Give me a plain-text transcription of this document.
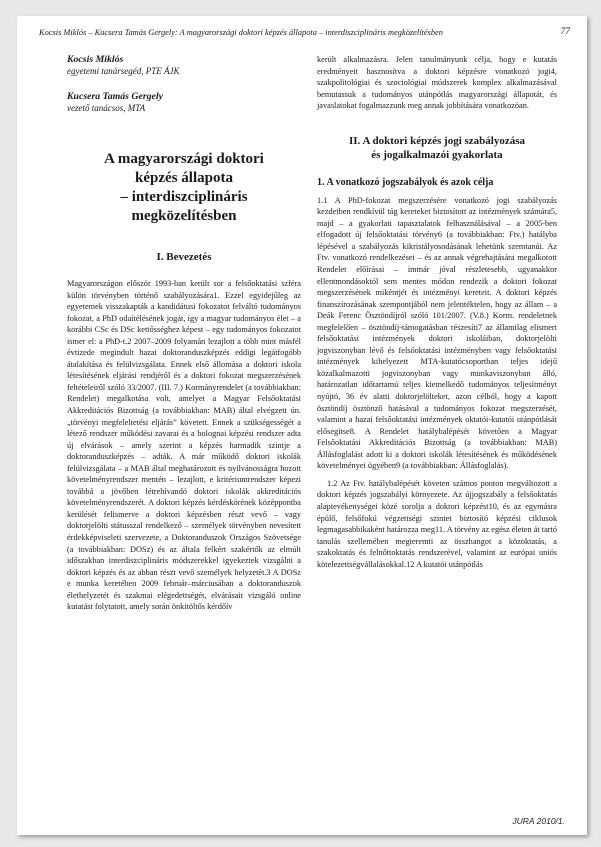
Kocsis Miklós – Kucsera Tamás Gergely: A magyarországi doktori képzés állapota – interdiszciplináris megközelítésben	77
Kocsis Miklós
egyetemi tanársegéd, PTE ÁJK
Kucsera Tamás Gergely
vezető tanácsos, MTA
A magyarországi doktori
képzés állapota
– interdiszciplináris
megközelítésben
I. Bevezetés

Magyarországon először 1993-ban került sor a felsőoktatási szféra külön törvényben történő szabályozására1. Ezzel egyidejűleg az egyetemek visszakapták a kandidátusi fokozatot felváltó tudományos fokozat, a PhD odaítélésének jogát, így a magyar tudományos élet – a korábbi CSc és DSc kettősséghez képest – egy tudományos fokozatot ismer el: a PhD-t.2 2007–2009 folyamán lezajlott a több mint másfél évtizede megindult hazai doktoranduszképzés eddigi legátfogóbb átalakítása és felülvizsgálata. Ennek első állomása a doktori iskola létesítésének eljárási rendjéről és a doktori fokozat megszerzésének feltételeiről szóló 33/2007. (III. 7.) Kormányrendelet (a továbbiakban: Rendelet) megalkotása volt, amelyet a Magyar Felsőoktatási Akkreditációs Bizottság (a továbbiakban: MAB) által elvégzett ún. „törvényi megfeleltetési eljárás” követett. Ennek a szükségességét a létező rendszer működési zavarai és a bolognai képzési rendszer adta új elvárások – amely szerint a képzés harmadik szintje a doktoranduszképzés – adták. A már működő doktori iskolák felülvizsgálata – a MAB által meghatározott és nyilvánosságra hozott követelményrendszer mentén – lezajlott, e kritériumrendszer képezi továbbá a jövőben létrehívandó doktori iskolák akkreditációs követelményrendszerét. A doktori képzés kérdéskörének középpontba kerülését felismerve a doktori képzésben részt vevő – vagy doktorjelölti státusszal rendelkező – személyek törvényben nevesített érdekképviseleti szervezete, a Doktoranduszok Országos Szövetsége (a továbbiakban: DOSz) és az általa felkért szakértők az elmúlt időszakban interdiszciplináris módszerekkel igyekeztek vizsgálni a doktori képzés és az abban részt vevő személyek helyzetét.3 A DOSz e munka keretében 2009 február–márciusában a doktoranduszok élethelyzetét és szakmai elégedettségét, elvárásait vizsgáló online kutatást folytatott, amely során önkitöltős kérdőív

került alkalmazásra. Jelen tanulmányunk célja, hogy e kutatás eredményeit hasznosítva a doktori képzésre vonatkozó jogi4, szakpolitológiai és szociológiai módszerek komplex alkalmazásával bemutassuk a tudományos utánpótlás magyarországi állapotát, és javaslatokat fogalmazzunk meg annak jobbítására vonatkozóan.

II. A doktori képzés jogi szabályozása
és jogalkalmazói gyakorlata
1. A vonatkozó jogszabályok és azok célja

1.1 A PhD-fokozat megszerzésére vonatkozó jogi szabályozás kezdetben rendkívül tág kereteket biztosított az intézmények számára5, majd – a gyakorlati tapasztalatok felhasználásával – a 2005-ben elfogadott új felsőoktatási törvény6 (a továbbiakban: Ftv.) hatályba lépésével a szabályozás kikristályosodásának lehetünk szemtanúi. Az Ftv. vonatkozó rendelkezései – és az annak végrehajtására megalkotott Rendelet előírásai – immár jóval részletesebb, ugyanakkor ellentmondásoktól sem mentes módon rendezik a doktori fokozat megszerzésének mikéntjét és intézményi kereteit. A doktori képzés finanszírozásának szempontjából nem jelentéktelen, hogy az állam – a Deák Ferenc Ösztöndíjról szóló 101/2007. (V.8.) Korm. rendeletnek megfelelően – ösztöndíj-támogatásban részesíti7 az államilag elismert felsőoktatási intézmények doktori iskoláiban, doktorjelölti jogviszonyban lévő és felsőoktatási intézményben vagy felsőoktatási intézmények kihelyezett MTA-kutatócsoportban teljes idejű közalkalmazotti jogviszonyban vagy munkaviszonyban álló, határozatlan időtartamú teljes kiemelkedő tudományos teljesítményt nyújtó, 36 év alatti doktorjelölteket, azon célból, hogy a kapott ösztöndíj ösztönző hatásával a tudományos fokozat megszerzését, valamint a hazai felsőoktatási intézmények oktatói-kutatói utánpótlását elősegítse8. A Rendelet hatálybalépését követően a Magyar Felsőoktatási Akkreditációs Bizottság (a továbbiakban: MAB) Állásfoglalást adott ki a doktori iskolák létesítésének és működésének követelményei ügyében9 (a továbbiakban: Állásfoglalás).

1.2 Az Ftv. hatálybalépését követen számos ponton megváltozott a doktori képzés jogszabályi környezete. Az újjogszabály a felsőoktatás alaptevékenységei közé sorolja a doktori képzést10, és az egymásra épülő, felsőfokú végzettségi szintet biztosító képzési ciklusok legmagasabbikaként határozza meg11. A törvény az egész életen át tartó tanulás szellemében megteremti az összhangot a közoktatás, a szakoktatás és felnőttoktatás rendszerével, valamint az európai uniós kötelezettségvállalásokkal.12 A kutatói utánpótlás

JURA 2010/1.
